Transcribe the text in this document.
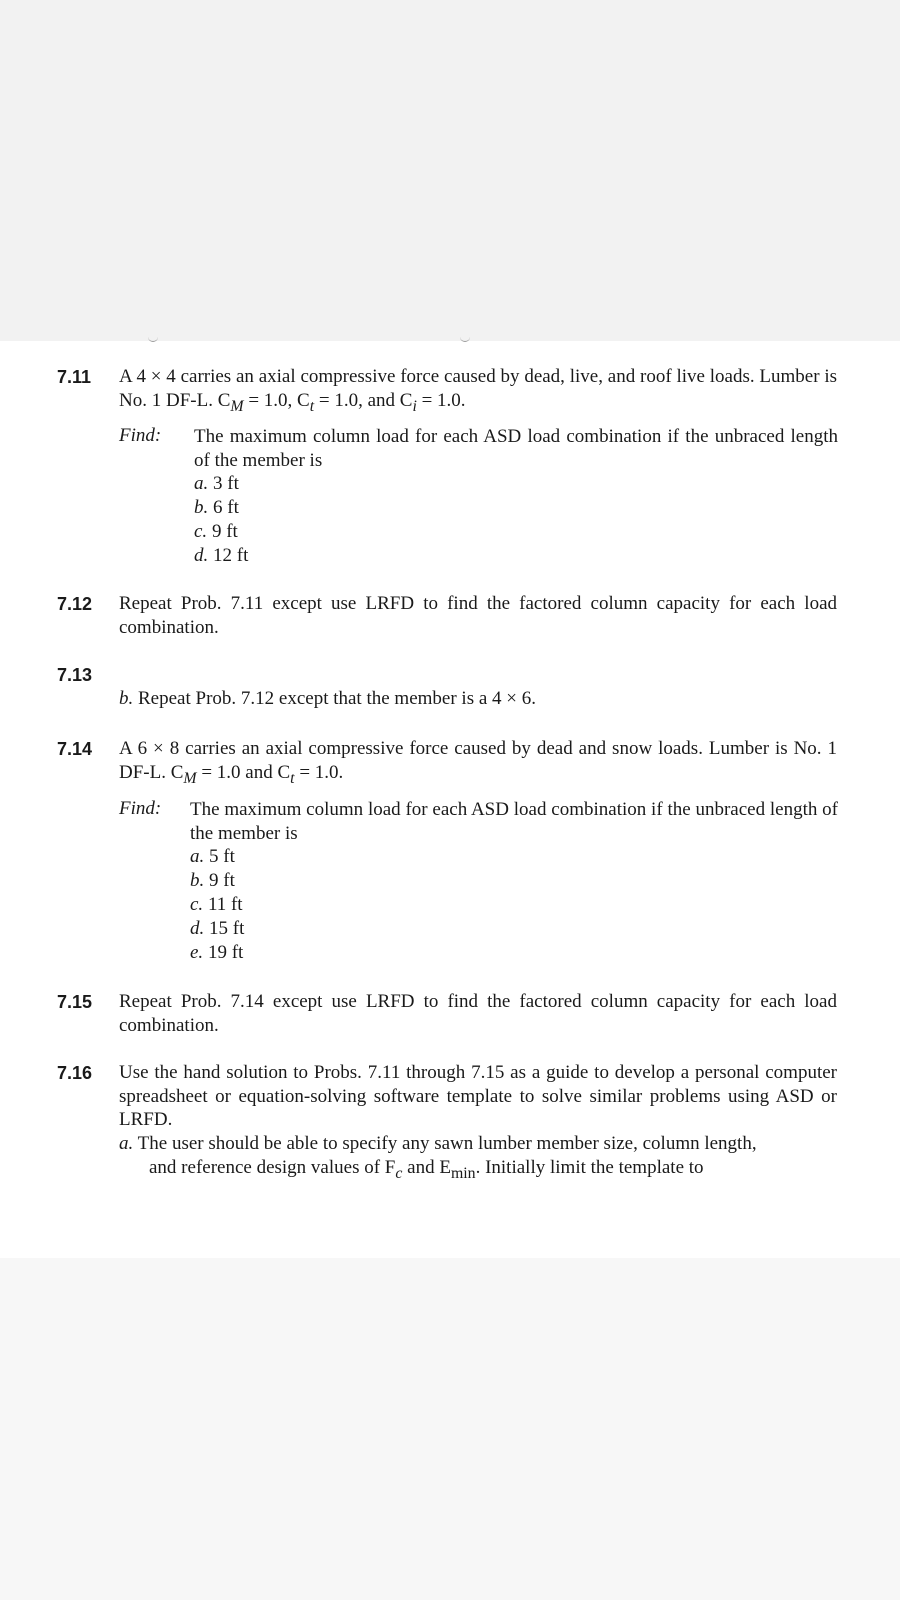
7.11 A 4 × 4 carries an axial compressive force caused by dead, live, and roof live loads. Lumber is No. 1 DF-L. $C_M = 1.0$, $C_t = 1.0$, and $C_i = 1.0$.
Find: The maximum column load for each ASD load combination if the unbraced length of the member is
a. 3 ft
b. 6 ft
c. 9 ft
d. 12 ft
7.12 Repeat Prob. 7.11 except use LRFD to find the factored column capacity for each load combination.
7.13
b. Repeat Prob. 7.12 except that the member is a 4 × 6.
7.14 A 6 × 8 carries an axial compressive force caused by dead and snow loads. Lumber is No. 1 DF-L. $C_M = 1.0$ and $C_t = 1.0$.
Find: The maximum column load for each ASD load combination if the unbraced length of the member is
a. 5 ft
b. 9 ft
c. 11 ft
d. 15 ft
e. 19 ft
7.15 Repeat Prob. 7.14 except use LRFD to find the factored column capacity for each load combination.
7.16 Use the hand solution to Probs. 7.11 through 7.15 as a guide to develop a personal computer spreadsheet or equation-solving software template to solve similar problems using ASD or LRFD.
a. The user should be able to specify any sawn lumber member size, column length,
and reference design values of $F_c$ and $E_{min}$. Initially limit the template to
